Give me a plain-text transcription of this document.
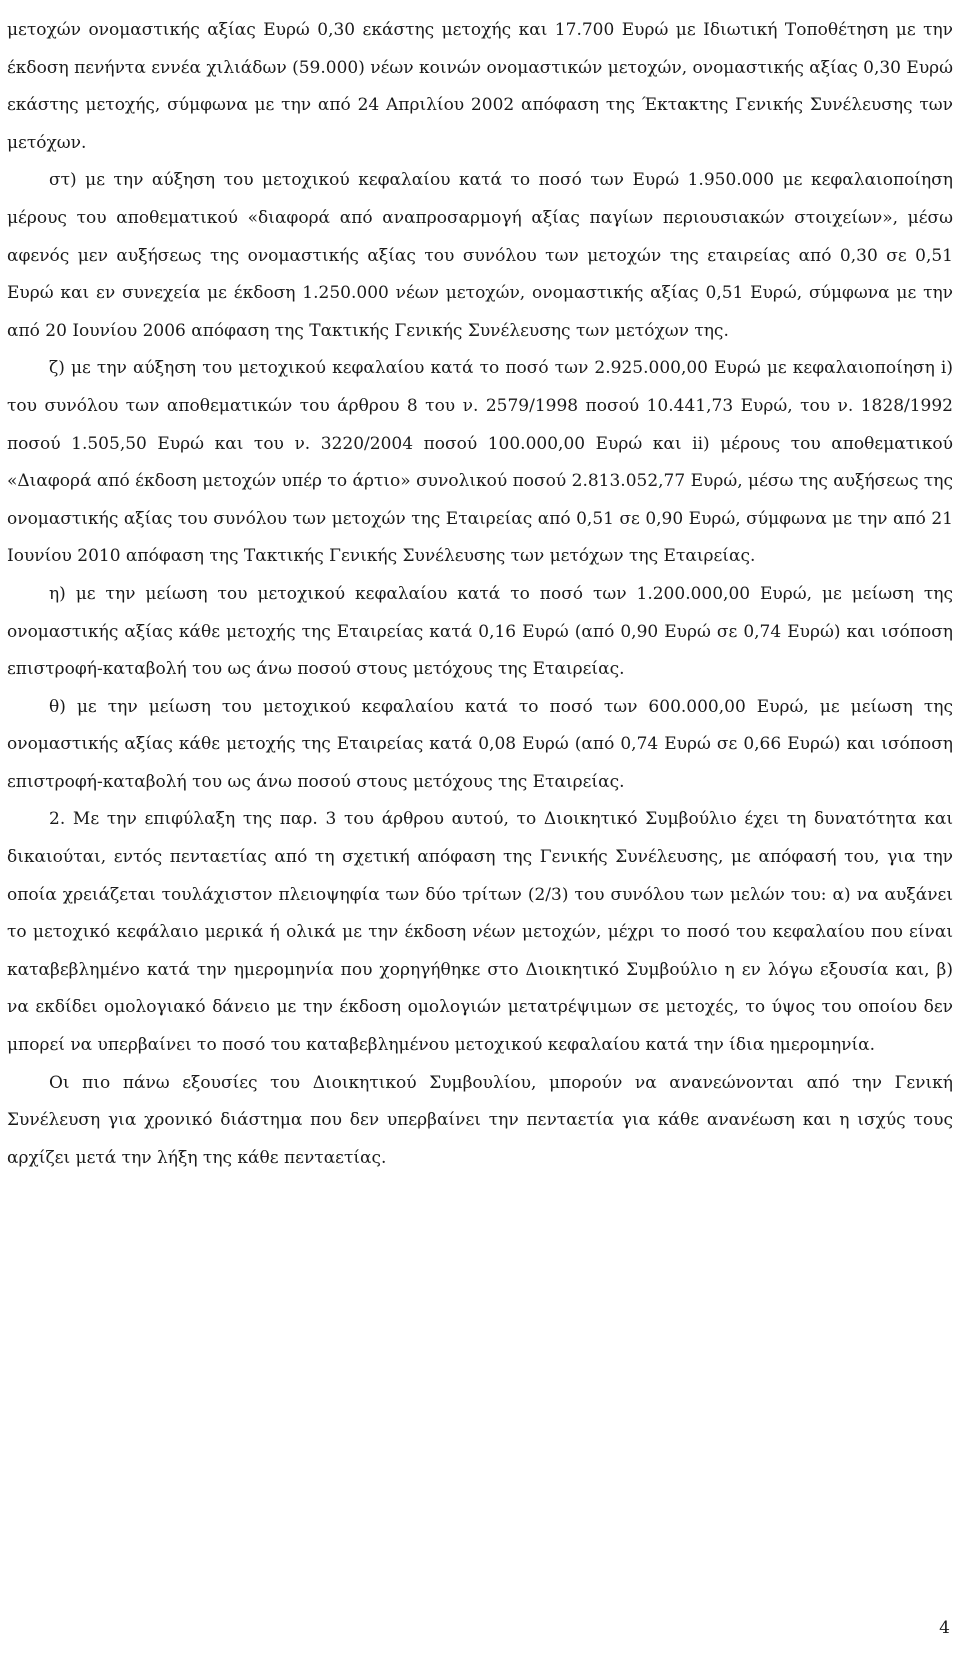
μετοχών ονομαστικής αξίας Ευρώ 0,30 εκάστης μετοχής και 17.700 Ευρώ με Ιδιωτική Τοποθέτηση με την έκδοση πενήντα εννέα χιλιάδων (59.000) νέων κοινών ονομαστικών μετοχών, ονομαστικής αξίας 0,30 Ευρώ εκάστης μετοχής, σύμφωνα με την από 24 Απριλίου 2002 απόφαση της Έκτακτης Γενικής Συνέλευσης των μετόχων.

στ) με την αύξηση του μετοχικού κεφαλαίου κατά το ποσό των Ευρώ 1.950.000 με κεφαλαιοποίηση μέρους του αποθεματικού «διαφορά από αναπροσαρμογή αξίας παγίων περιουσιακών στοιχείων», μέσω αφενός μεν αυξήσεως της ονομαστικής αξίας του συνόλου των μετοχών της εταιρείας από 0,30 σε 0,51 Ευρώ και εν συνεχεία με έκδοση 1.250.000 νέων μετοχών, ονομαστικής αξίας 0,51 Ευρώ, σύμφωνα με την από 20 Ιουνίου 2006 απόφαση της Τακτικής Γενικής Συνέλευσης των μετόχων της.

ζ) με την αύξηση του μετοχικού κεφαλαίου κατά το ποσό των 2.925.000,00 Ευρώ με κεφαλαιοποίηση i) του συνόλου των αποθεματικών του άρθρου 8 του ν. 2579/1998 ποσού 10.441,73 Ευρώ, του ν. 1828/1992 ποσού 1.505,50 Ευρώ και του ν. 3220/2004 ποσού 100.000,00 Ευρώ και ii) μέρους του αποθεματικού «Διαφορά από έκδοση μετοχών υπέρ το άρτιο» συνολικού ποσού 2.813.052,77 Ευρώ, μέσω της αυξήσεως της ονομαστικής αξίας του συνόλου των μετοχών της Εταιρείας από 0,51 σε 0,90 Ευρώ, σύμφωνα με την από 21 Ιουνίου 2010 απόφαση της Τακτικής Γενικής Συνέλευσης των μετόχων της Εταιρείας.

η) με την μείωση του μετοχικού κεφαλαίου κατά το ποσό των 1.200.000,00 Ευρώ, με μείωση της ονομαστικής αξίας κάθε μετοχής της Εταιρείας κατά 0,16 Ευρώ (από 0,90 Ευρώ σε 0,74 Ευρώ) και ισόποση επιστροφή-καταβολή του ως άνω ποσού στους μετόχους της Εταιρείας.

θ) με την μείωση του μετοχικού κεφαλαίου κατά το ποσό των 600.000,00 Ευρώ, με μείωση της ονομαστικής αξίας κάθε μετοχής της Εταιρείας κατά 0,08 Ευρώ (από 0,74 Ευρώ σε 0,66 Ευρώ) και ισόποση επιστροφή-καταβολή του ως άνω ποσού στους μετόχους της Εταιρείας.

2. Με την επιφύλαξη της παρ. 3 του άρθρου αυτού, το Διοικητικό Συμβούλιο έχει τη δυνατότητα και δικαιούται, εντός πενταετίας από τη σχετική απόφαση της Γενικής Συνέλευσης, με απόφασή του, για την οποία χρειάζεται τουλάχιστον πλειοψηφία των δύο τρίτων (2/3) του συνόλου των μελών του: α) να αυξάνει το μετοχικό κεφάλαιο μερικά ή ολικά με την έκδοση νέων μετοχών, μέχρι το ποσό του κεφαλαίου που είναι καταβεβλημένο κατά την ημερομηνία που χορηγήθηκε στο Διοικητικό Συμβούλιο η εν λόγω εξουσία και, β) να εκδίδει ομολογιακό δάνειο με την έκδοση ομολογιών μετατρέψιμων σε μετοχές, το ύψος του οποίου δεν μπορεί να υπερβαίνει το ποσό του καταβεβλημένου μετοχικού κεφαλαίου κατά την ίδια ημερομηνία.

Οι πιο πάνω εξουσίες του Διοικητικού Συμβουλίου, μπορούν να ανανεώνονται από την Γενική Συνέλευση για χρονικό διάστημα που δεν υπερβαίνει την πενταετία για κάθε ανανέωση και η ισχύς τους αρχίζει μετά την λήξη της κάθε πενταετίας.

4
